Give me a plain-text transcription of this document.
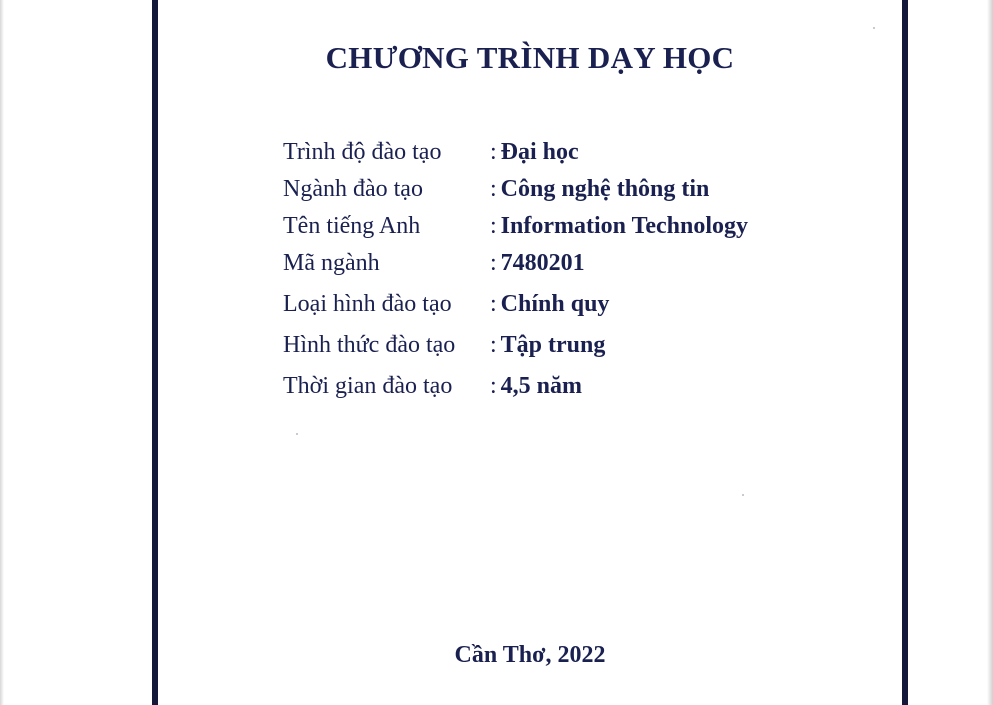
CHƯƠNG TRÌNH DẠY HỌC
Trình độ đào tạo : Đại học
Ngành đào tạo	: Công nghệ thông tin
Tên tiếng Anh	: Information Technology
Mã ngành	: 7480201
Loại hình đào tạo : Chính quy
Hình thức đào tạo : Tập trung
Thời gian đào tạo : 4,5 năm
Cần Thơ, 2022
